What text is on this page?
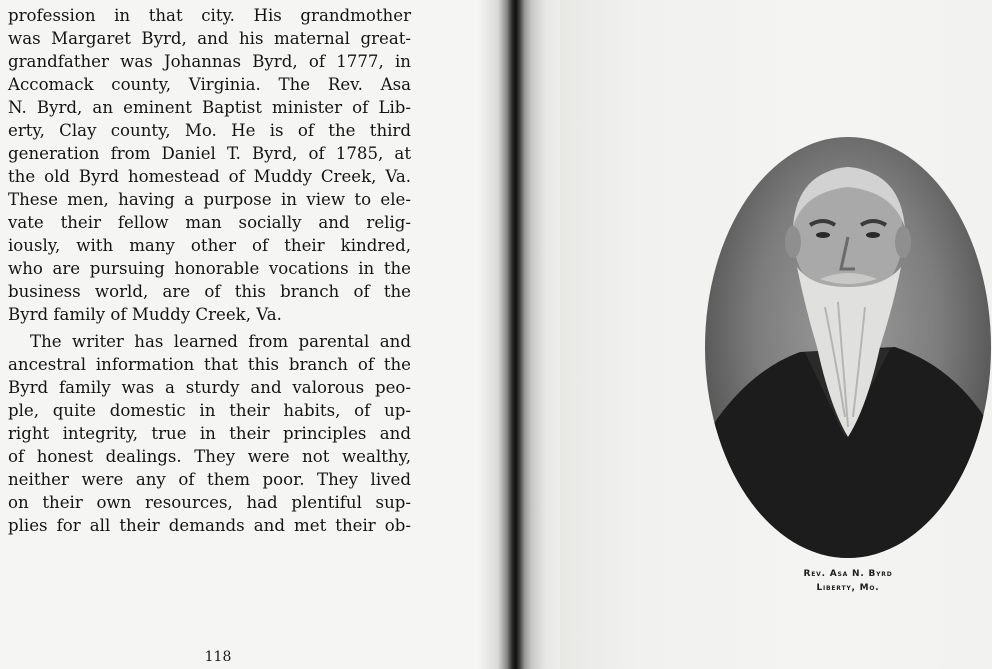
profession in that city. His grandmother
was Margaret Byrd, and his maternal great-
grandfather was Johannas Byrd, of 1777, in
Accomack county, Virginia. The Rev. Asa
N. Byrd, an eminent Baptist minister of Lib-
erty, Clay county, Mo. He is of the third
generation from Daniel T. Byrd, of 1785, at
the old Byrd homestead of Muddy Creek, Va.
These men, having a purpose in view to ele-
vate their fellow man socially and relig-
iously, with many other of their kindred,
who are pursuing honorable vocations in the
business world, are of this branch of the
Byrd family of Muddy Creek, Va.
The writer has learned from parental and
ancestral information that this branch of the
Byrd family was a sturdy and valorous peo-
ple, quite domestic in their habits, of up-
right integrity, true in their principles and
of honest dealings. They were not wealthy,
neither were any of them poor. They lived
on their own resources, had plentiful sup-
plies for all their demands and met their ob-
Rev. Asa N. Byrd
Liberty, Mo.
118
